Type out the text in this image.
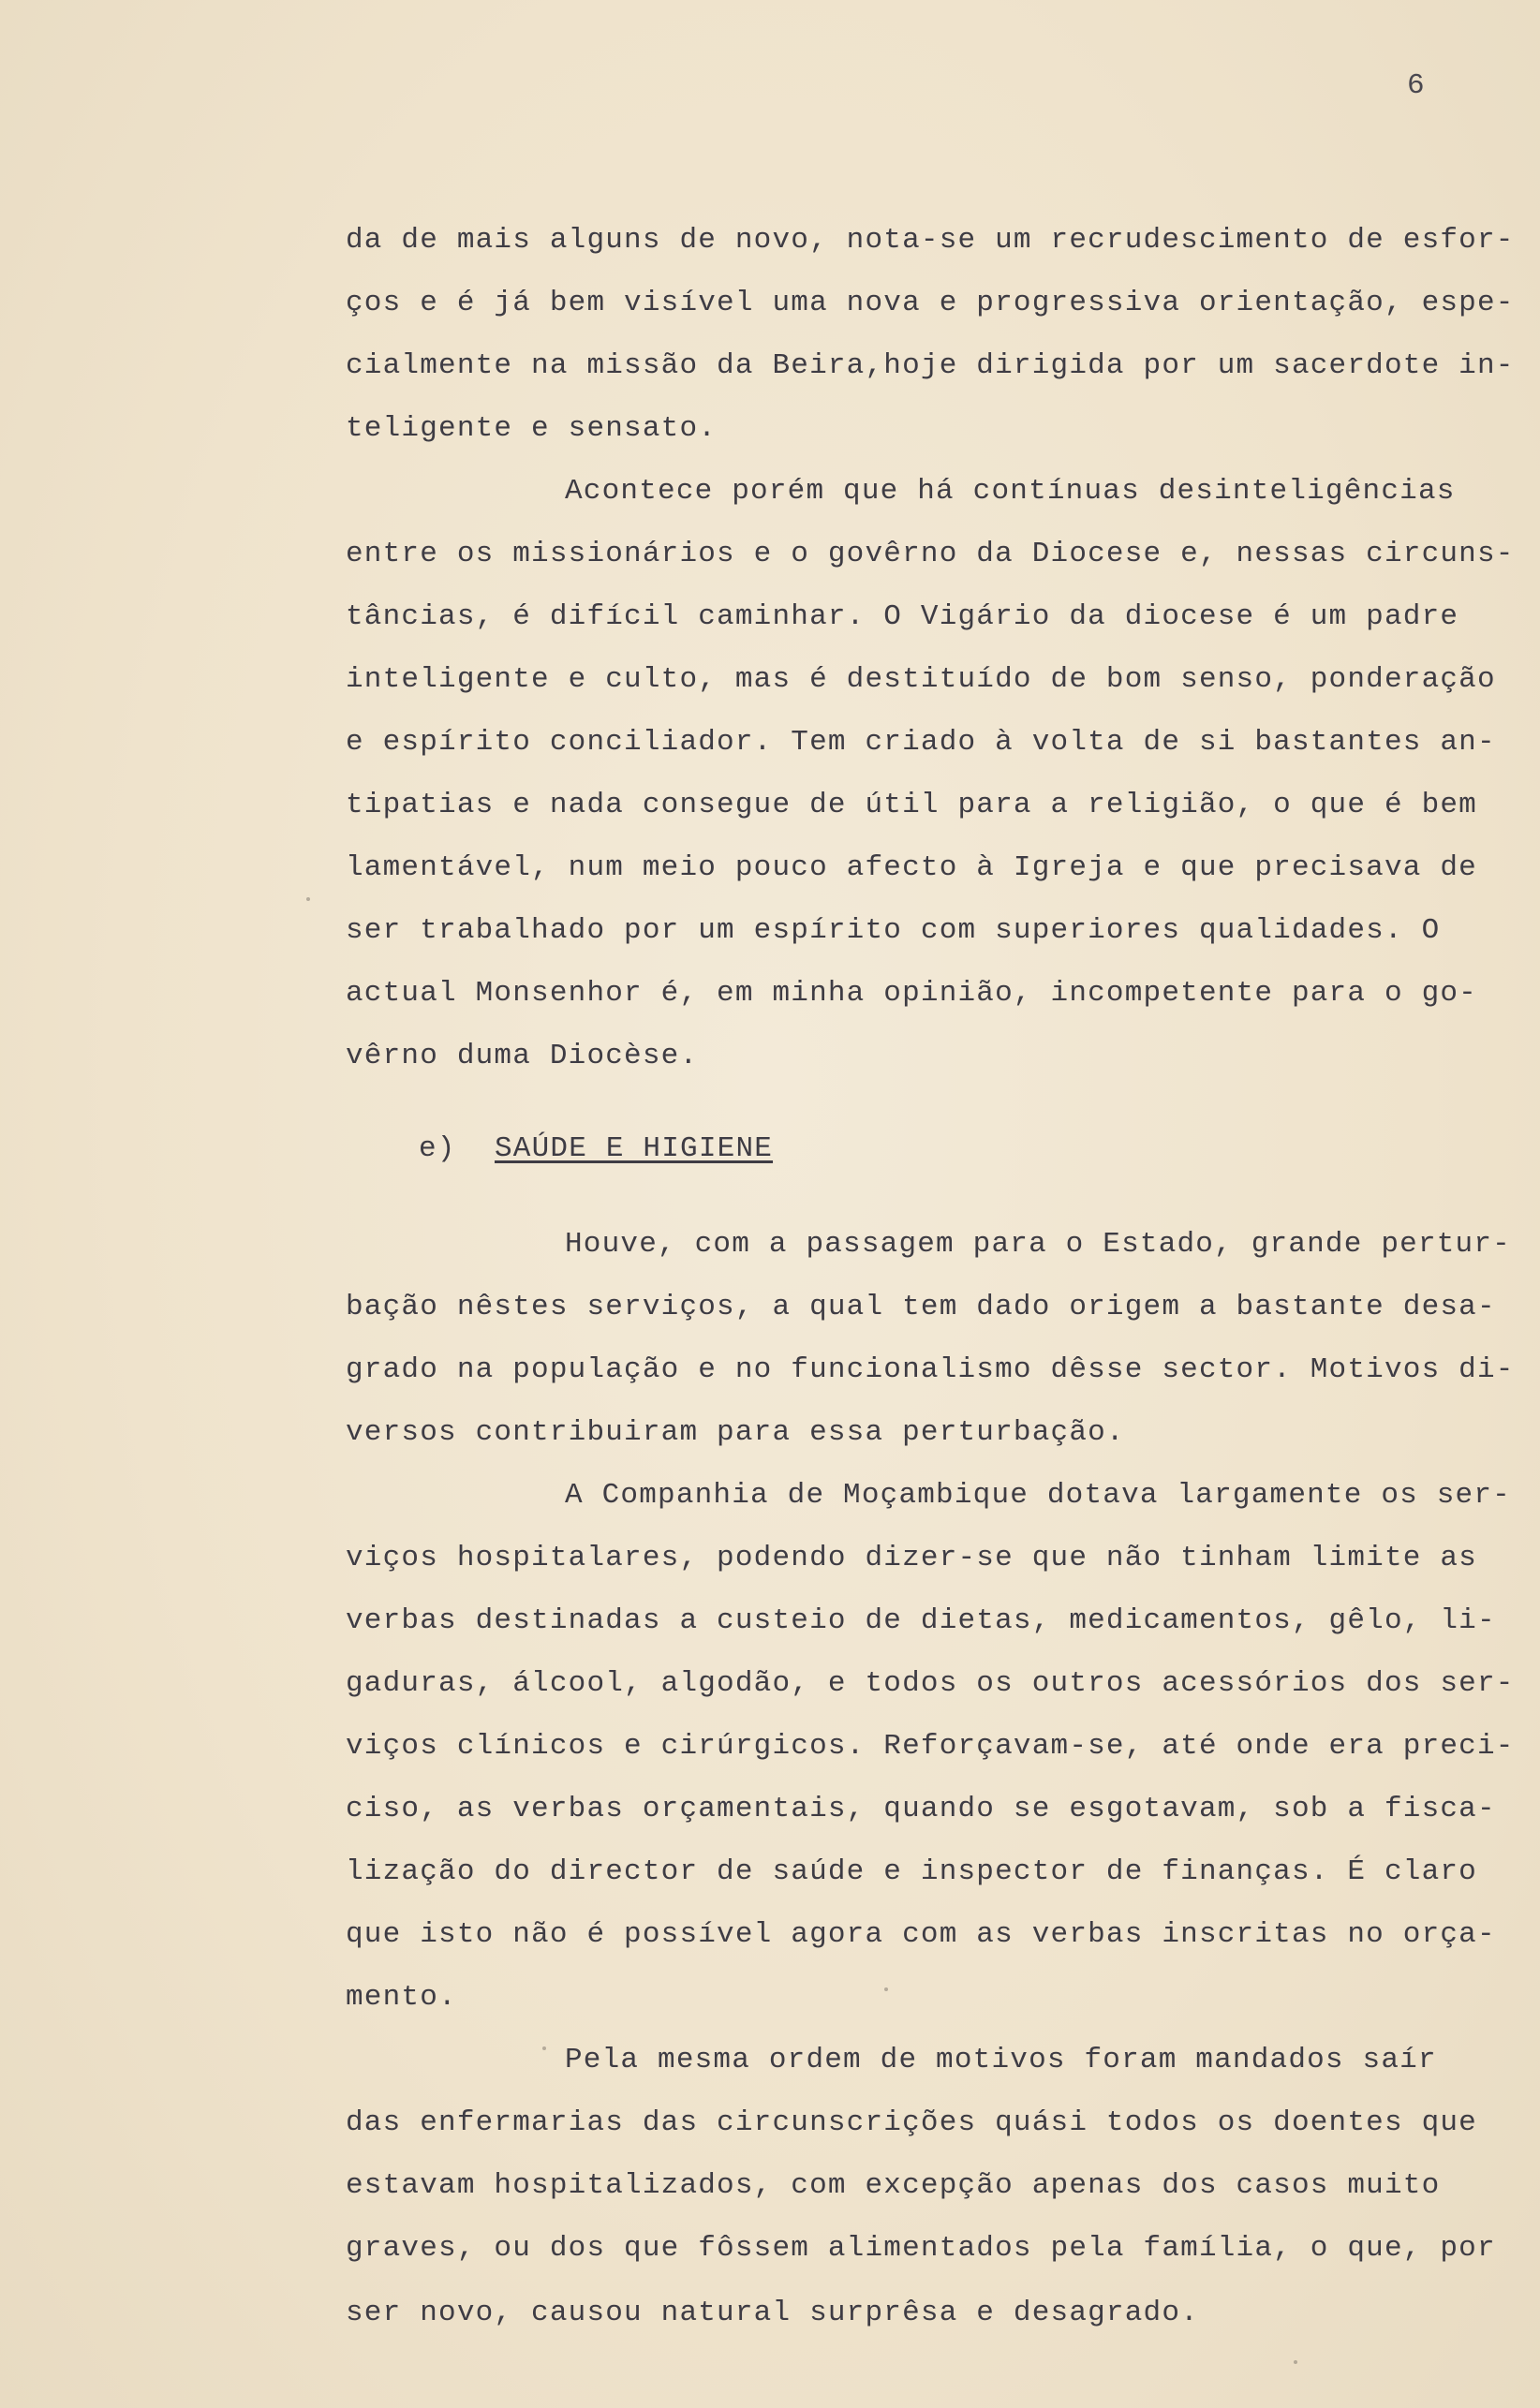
6
da de mais alguns de novo, nota-se um recrudescimento de esfor-
ços e é já bem visível uma nova e progressiva orientação, espe-
cialmente na missão da Beira,hoje dirigida por um sacerdote in-
teligente e sensato.
Acontece porém que há contínuas desinteligências
entre os missionários e o govêrno da Diocese e, nessas circuns-
tâncias, é difícil caminhar. O Vigário da diocese é um padre
inteligente e culto, mas é destituído de bom senso, ponderação
e espírito conciliador. Tem criado à volta de si bastantes an-
tipatias e nada consegue de útil para a religião, o que é bem
lamentável, num meio pouco afecto à Igreja e que precisava de
ser trabalhado por um espírito com superiores qualidades. O
actual Monsenhor é, em minha opinião, incompetente para o go-
vêrno duma Diocèse.
e) SAÚDE E HIGIENE
Houve, com a passagem para o Estado, grande pertur-
bação nêstes serviços, a qual tem dado origem a bastante desa-
grado na população e no funcionalismo dêsse sector. Motivos di-
versos contribuiram para essa perturbação.
A Companhia de Moçambique dotava largamente os ser-
viços hospitalares, podendo dizer-se que não tinham limite as
verbas destinadas a custeio de dietas, medicamentos, gêlo, li-
gaduras, álcool, algodão, e todos os outros acessórios dos ser-
viços clínicos e cirúrgicos. Reforçavam-se, até onde era preci-
ciso, as verbas orçamentais, quando se esgotavam, sob a fisca-
lização do director de saúde e inspector de finanças. É claro
que isto não é possível agora com as verbas inscritas no orça-
mento.
Pela mesma ordem de motivos foram mandados saír
das enfermarias das circunscrições quási todos os doentes que
estavam hospitalizados, com excepção apenas dos casos muito
graves, ou dos que fôssem alimentados pela família, o que, por
ser novo, causou natural surprêsa e desagrado.
